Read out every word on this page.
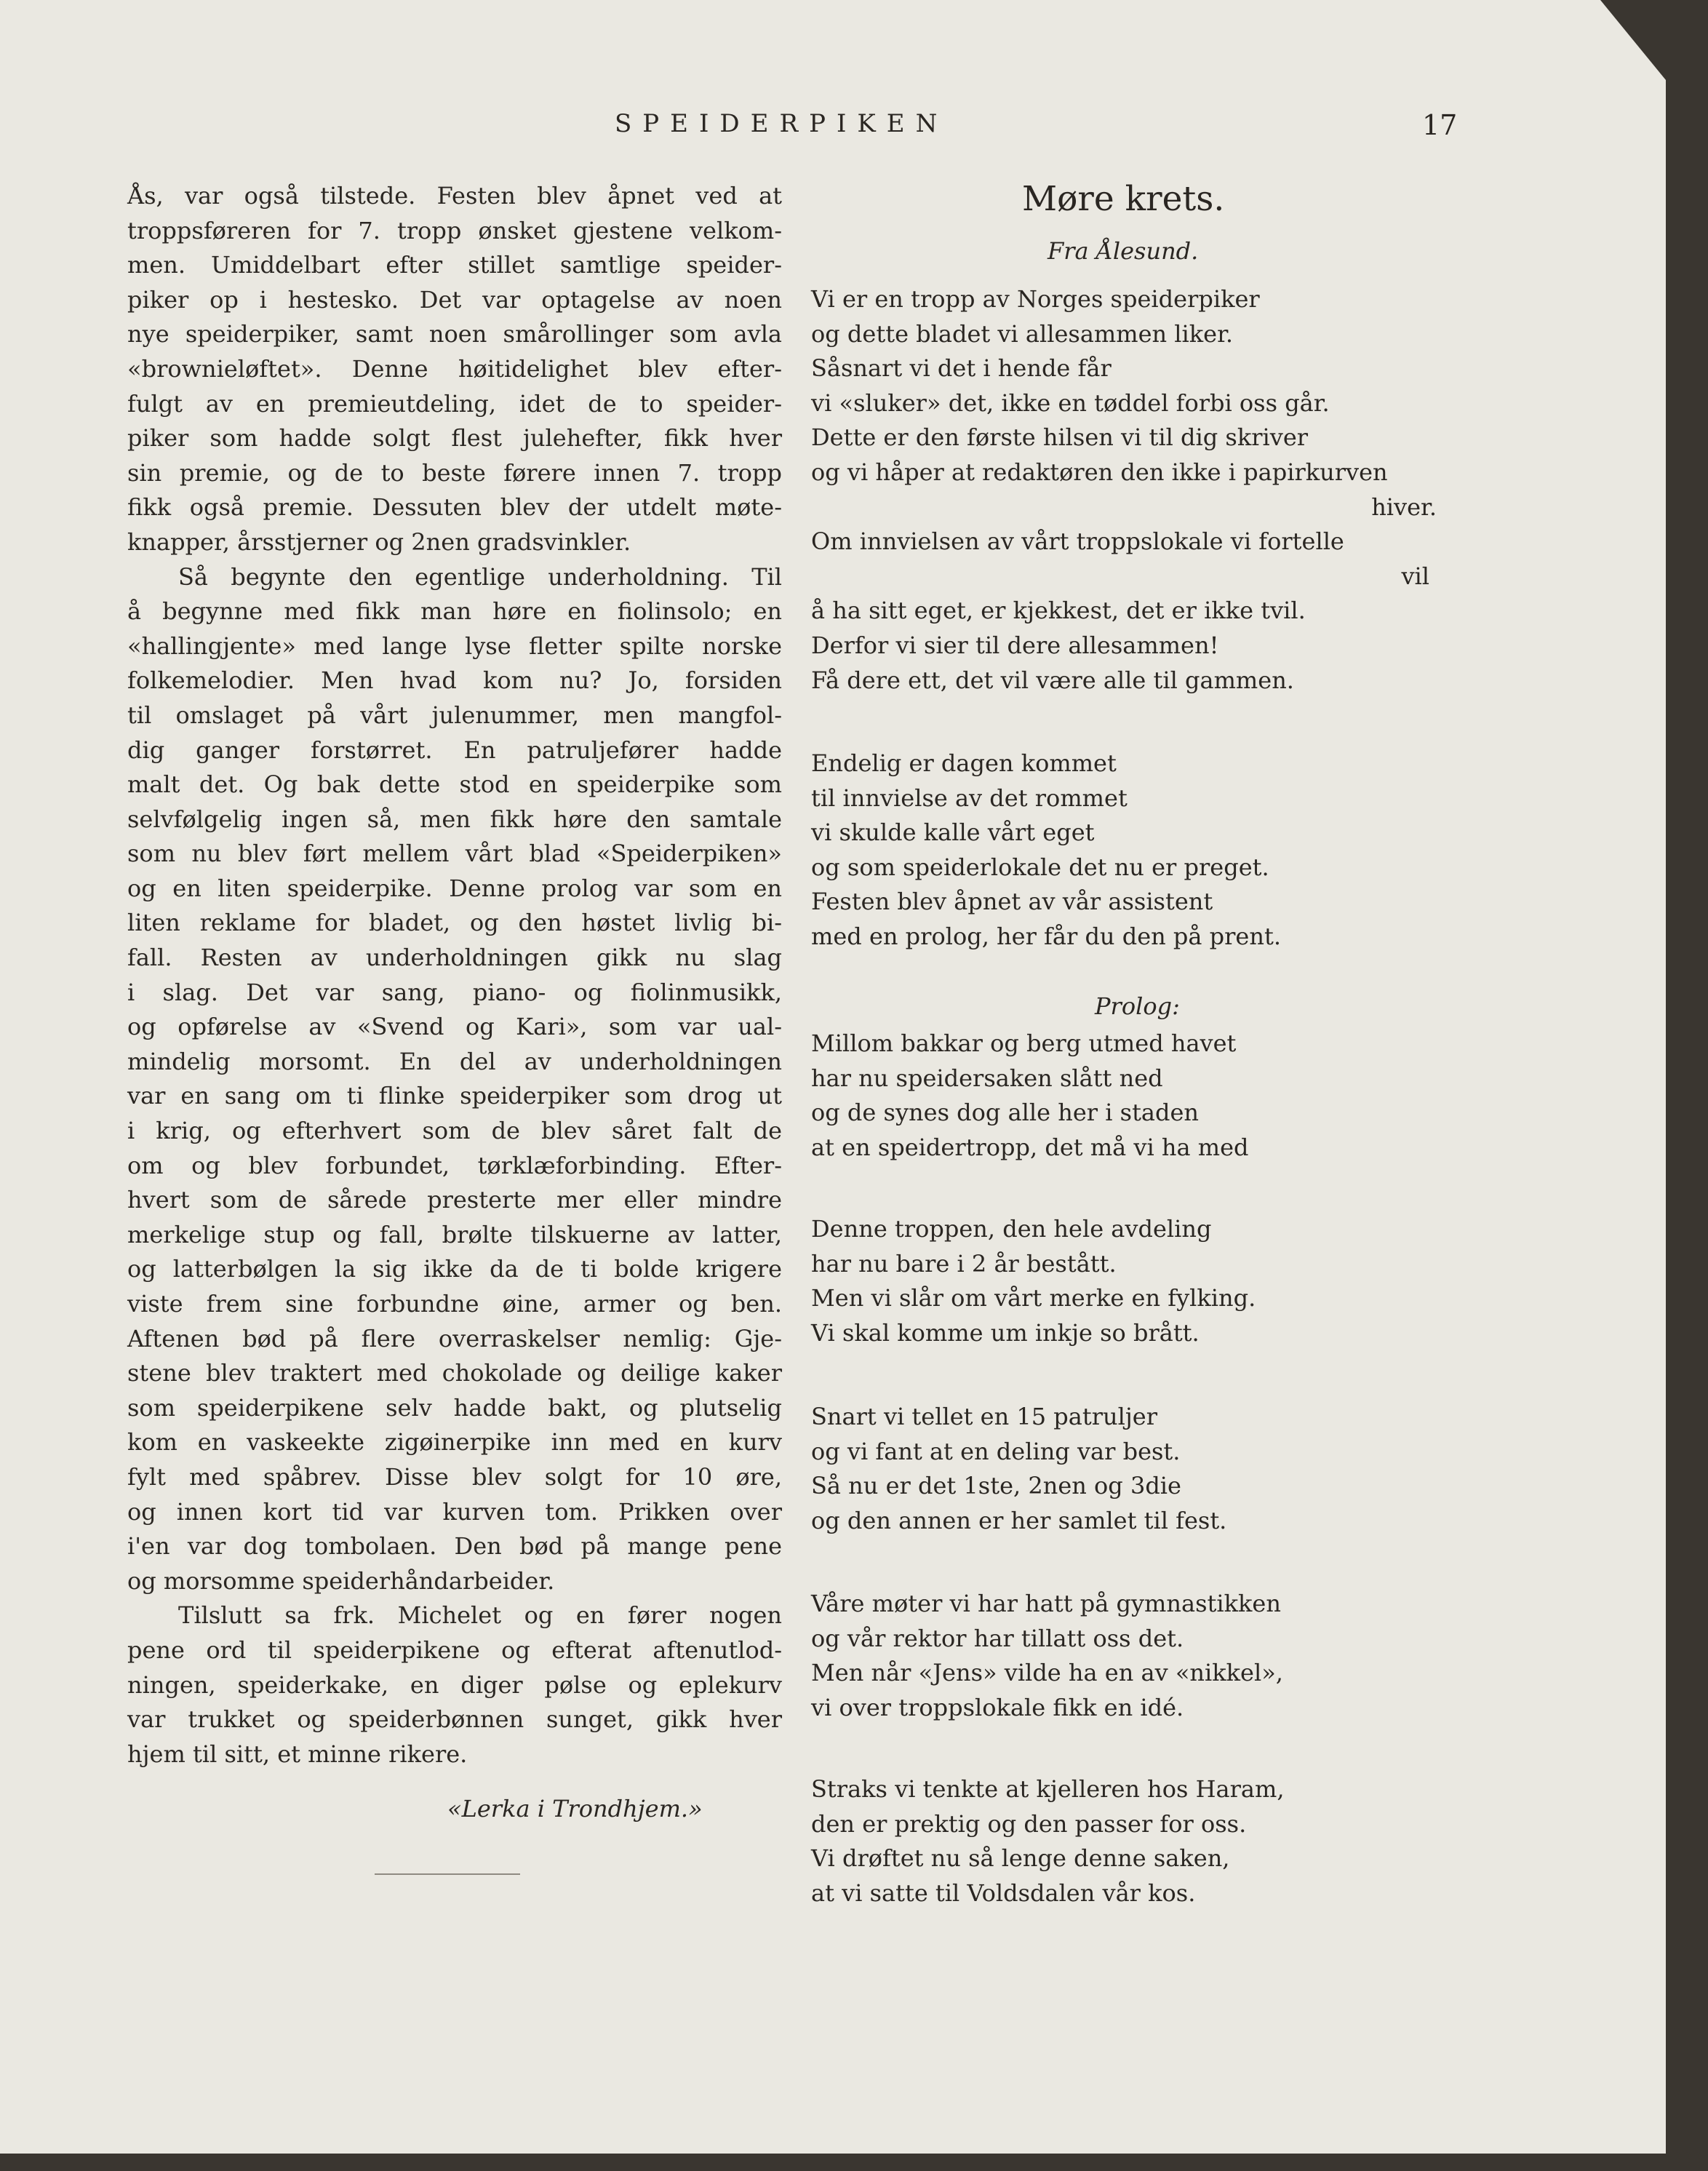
SPEIDERPIKEN	17
Ås, var også tilstede. Festen blev åpnet ved at
troppsføreren for 7. tropp ønsket gjestene velkom-
men. Umiddelbart efter stillet samtlige speider-
piker op i hestesko. Det var optagelse av noen
nye speiderpiker, samt noen smårollinger som avla
«brownieløftet». Denne høitidelighet blev efter-
fulgt av en premieutdeling, idet de to speider-
piker som hadde solgt flest julehefter, fikk hver
sin premie, og de to beste førere innen 7. tropp
fikk også premie. Dessuten blev der utdelt møte-
knapper, årsstjerner og 2nen gradsvinkler.
Så begynte den egentlige underholdning. Til
å begynne med fikk man høre en fiolinsolo; en
«hallingjente» med lange lyse fletter spilte norske
folkemelodier. Men hvad kom nu? Jo, forsiden
til omslaget på vårt julenummer, men mangfol-
dig ganger forstørret. En patruljefører hadde
malt det. Og bak dette stod en speiderpike som
selvfølgelig ingen så, men fikk høre den samtale
som nu blev ført mellem vårt blad «Speiderpiken»
og en liten speiderpike. Denne prolog var som en
liten reklame for bladet, og den høstet livlig bi-
fall. Resten av underholdningen gikk nu slag
i slag. Det var sang, piano- og fiolinmusikk,
og opførelse av «Svend og Kari», som var ual-
mindelig morsomt. En del av underholdningen
var en sang om ti flinke speiderpiker som drog ut
i krig, og efterhvert som de blev såret falt de
om og blev forbundet, tørklæforbinding. Efter-
hvert som de sårede presterte mer eller mindre
merkelige stup og fall, brølte tilskuerne av latter,
og latterbølgen la sig ikke da de ti bolde krigere
viste frem sine forbundne øine, armer og ben.
Aftenen bød på flere overraskelser nemlig: Gje-
stene blev traktert med chokolade og deilige kaker
som speiderpikene selv hadde bakt, og plutselig
kom en vaskeekte zigøinerpike inn med en kurv
fylt med spåbrev. Disse blev solgt for 10 øre,
og innen kort tid var kurven tom. Prikken over
i'en var dog tombolaen. Den bød på mange pene
og morsomme speiderhåndarbeider.
Tilslutt sa frk. Michelet og en fører nogen
pene ord til speiderpikene og efterat aftenutlod-
ningen, speiderkake, en diger pølse og eplekurv
var trukket og speiderbønnen sunget, gikk hver
hjem til sitt, et minne rikere.
«Lerka i Trondhjem.»
Møre krets.
Fra Ålesund.
Vi er en tropp av Norges speiderpiker
og dette bladet vi allesammen liker.
Såsnart vi det i hende får
vi «sluker» det, ikke en tøddel forbi oss går.
Dette er den første hilsen vi til dig skriver
og vi håper at redaktøren den ikke i papirkurven
hiver.
Om innvielsen av vårt troppslokale vi fortelle
vil
å ha sitt eget, er kjekkest, det er ikke tvil.
Derfor vi sier til dere allesammen!
Få dere ett, det vil være alle til gammen.
Endelig er dagen kommet
til innvielse av det rommet
vi skulde kalle vårt eget
og som speiderlokale det nu er preget.
Festen blev åpnet av vår assistent
med en prolog, her får du den på prent.
Prolog:
Millom bakkar og berg utmed havet
har nu speidersaken slått ned
og de synes dog alle her i staden
at en speidertropp, det må vi ha med
Denne troppen, den hele avdeling
har nu bare i 2 år bestått.
Men vi slår om vårt merke en fylking.
Vi skal komme um inkje so brått.
Snart vi tellet en 15 patruljer
og vi fant at en deling var best.
Så nu er det 1ste, 2nen og 3die
og den annen er her samlet til fest.
Våre møter vi har hatt på gymnastikken
og vår rektor har tillatt oss det.
Men når «Jens» vilde ha en av «nikkel»,
vi over troppslokale fikk en idé.
Straks vi tenkte at kjelleren hos Haram,
den er prektig og den passer for oss.
Vi drøftet nu så lenge denne saken,
at vi satte til Voldsdalen vår kos.
